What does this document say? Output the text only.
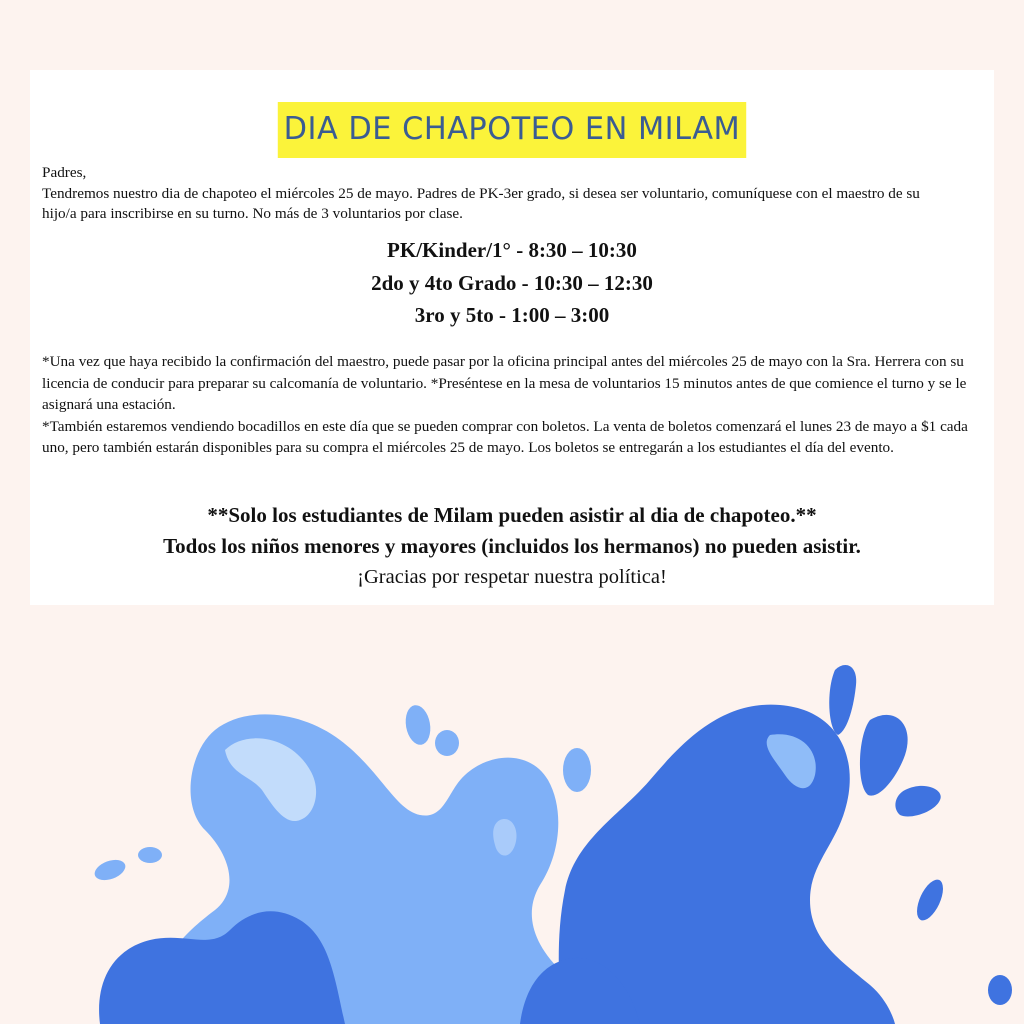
DIA DE CHAPOTEO EN MILAM

Padres,

Tendremos nuestro dia de chapoteo el miércoles 25 de mayo. Padres de PK-3er grado, si desea ser voluntario, comuníquese con el maestro de su hijo/a para inscribirse en su turno. No más de 3 voluntarios por clase.

PK/Kinder/1° - 8:30 – 10:30
2do y 4to Grado - 10:30 – 12:30
3ro y 5to - 1:00 – 3:00

*Una vez que haya recibido la confirmación del maestro, puede pasar por la oficina principal antes del miércoles 25 de mayo con la Sra. Herrera con su licencia de conducir para preparar su calcomanía de voluntario. *Preséntese en la mesa de voluntarios 15 minutos antes de que comience el turno y se le asignará una estación.

*También estaremos vendiendo bocadillos en este día que se pueden comprar con boletos. La venta de boletos comenzará el lunes 23 de mayo a $1 cada uno, pero también estarán disponibles para su compra el miércoles 25 de mayo. Los boletos se entregarán a los estudiantes el día del evento.

**Solo los estudiantes de Milam pueden asistir al dia de chapoteo.**
Todos los niños menores y mayores (incluidos los hermanos) no pueden asistir.
¡Gracias por respetar nuestra política!
